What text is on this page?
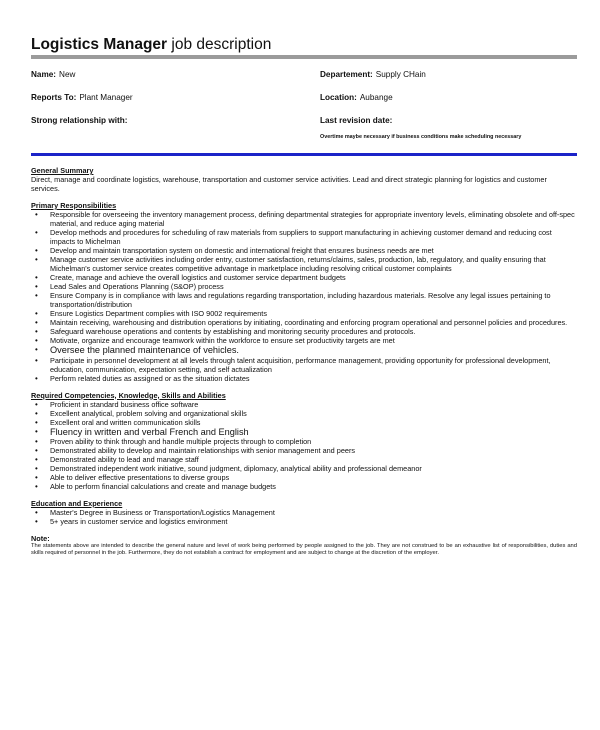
Logistics Manager job description
Name: New	Departement: Supply CHain
Reports To: Plant Manager	Location: Aubange
Strong relationship with:	Last revision date:
Overtime maybe necessary if business conditions make scheduling necessary
General Summary
Direct, manage and coordinate logistics, warehouse, transportation and customer service activities. Lead and direct strategic planning for logistics and customer services.
Primary Responsibilities
• Responsible for overseeing the inventory management process, defining departmental strategies for appropriate inventory levels, eliminating obsolete and off-spec material, and reduce aging material
• Develop methods and procedures for scheduling of raw materials from suppliers to support manufacturing in achieving customer demand and reducing cost impacts to Michelman
• Develop and maintain transportation system on domestic and international freight that ensures business needs are met
• Manage customer service activities including order entry, customer satisfaction, returns/claims, sales, production, lab, regulatory, and quality ensuring that Michelman's customer service creates competitive advantage in marketplace including resolving critical customer complaints
• Create, manage and achieve the overall logistics and customer service department budgets
• Lead Sales and Operations Planning (S&OP) process
• Ensure Company is in compliance with laws and regulations regarding transportation, including hazardous materials. Resolve any legal issues pertaining to transportation/distribution
• Ensure Logistics Department complies with ISO 9002 requirements
• Maintain receiving, warehousing and distribution operations by initiating, coordinating and enforcing program operational and personnel policies and procedures.
• Safeguard warehouse operations and contents by establishing and monitoring security procedures and protocols.
• Motivate, organize and encourage teamwork within the workforce to ensure set productivity targets are met
• Oversee the planned maintenance of vehicles.
• Participate in personnel development at all levels through talent acquisition, performance management, providing opportunity for professional development, education, communication, expectation setting, and self actualization
• Perform related duties as assigned or as the situation dictates
Required Competencies, Knowledge, Skills and Abilities
• Proficient in standard business office software
• Excellent analytical, problem solving and organizational skills
• Excellent oral and written communication skills
• Fluency in written and verbal French and English
• Proven ability to think through and handle multiple projects through to completion
• Demonstrated ability to develop and maintain relationships with senior management and peers
• Demonstrated ability to lead and manage staff
• Demonstrated independent work initiative, sound judgment, diplomacy, analytical ability and professional demeanor
• Able to deliver effective presentations to diverse groups
• Able to perform financial calculations and create and manage budgets
Education and Experience
• Master's Degree in Business or Transportation/Logistics Management
• 5+ years in customer service and logistics environment
Note:
The statements above are intended to describe the general nature and level of work being performed by people assigned to the job. They are not construed to be an exhaustive list of responsibilities, duties and skills required of personnel in the job. Furthermore, they do not establish a contract for employment and are subject to change at the discretion of the employer.
